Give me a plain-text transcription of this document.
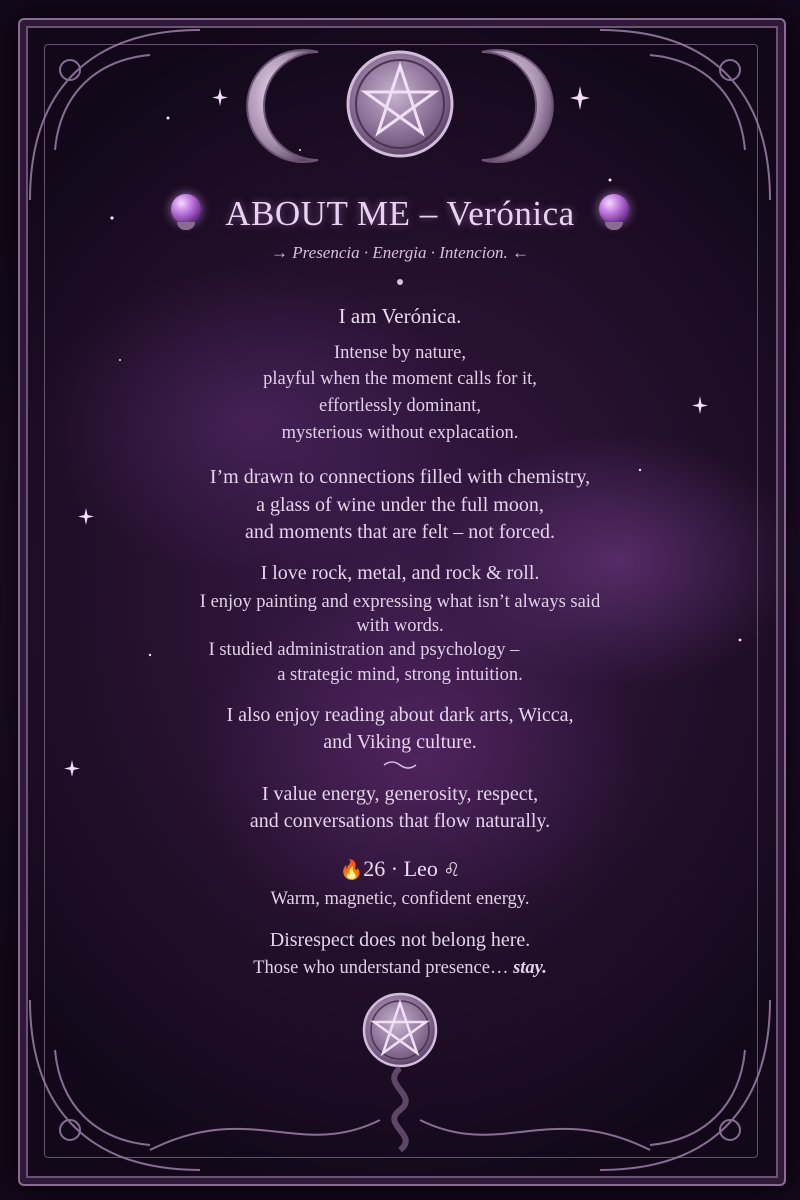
ABOUT ME – Verónica
→ Presencia · Energia · Intencion. ←
I am Verónica.
Intense by nature,
playful when the moment calls for it,
effortlessly dominant,
mysterious without explacation.
I’m drawn to connections filled with chemistry,
a glass of wine under the full moon,
and moments that are felt – not forced.
I love rock, metal, and rock & roll.
I enjoy painting and expressing what isn’t always said
with words.
I studied administration and psychology –
a strategic mind, strong intuition.
I also enjoy reading about dark arts, Wicca,
and Viking culture.
I value energy, generosity, respect,
and conversations that flow naturally.
🔥26 · Leo ♌
Warm, magnetic, confident energy.
Disrespect does not belong here.
Those who understand presence… stay.
